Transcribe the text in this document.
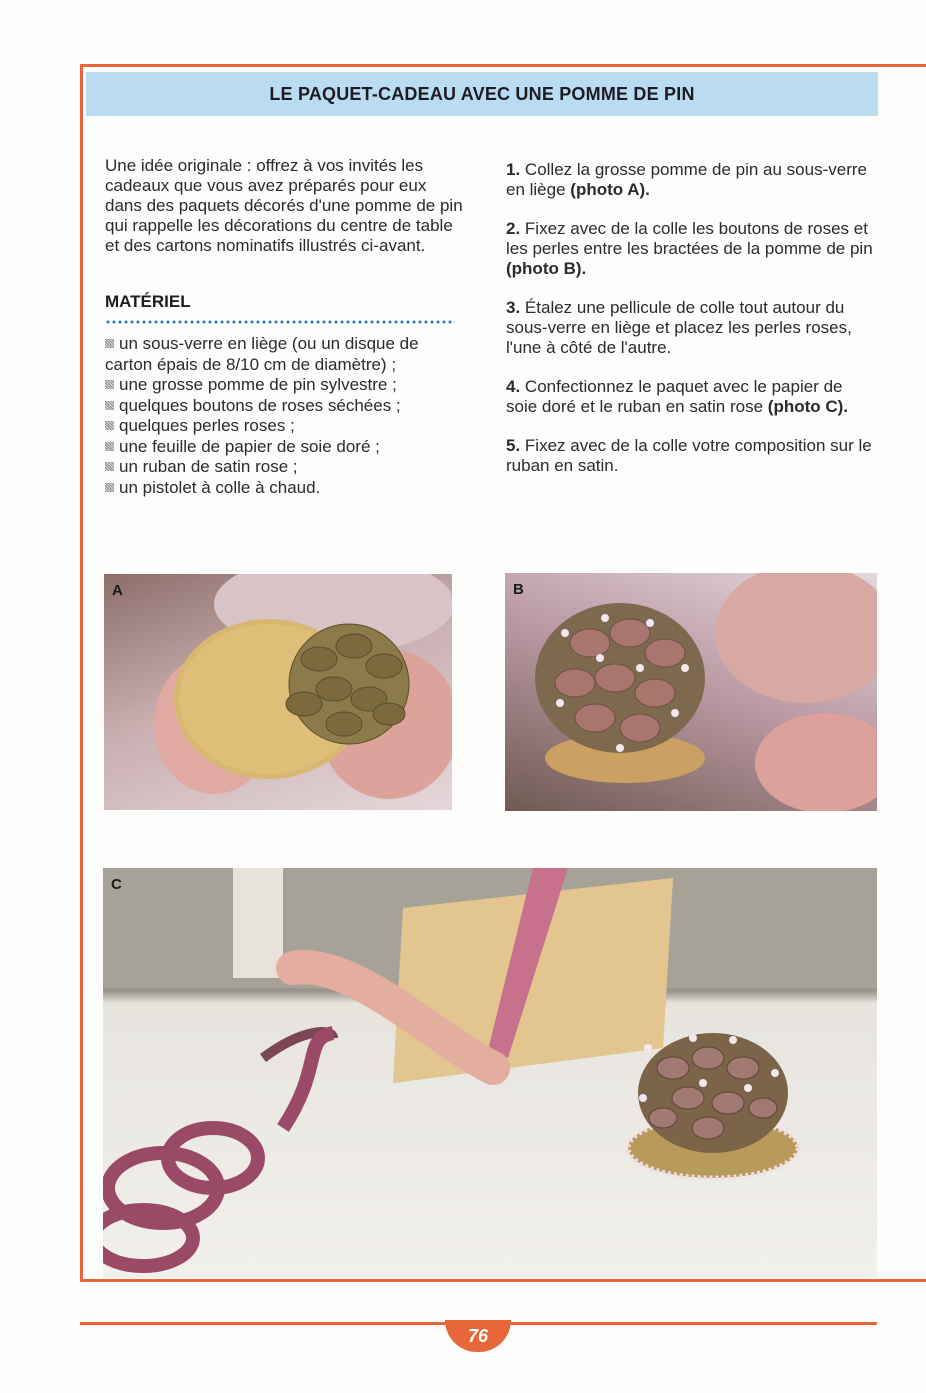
LE PAQUET-CADEAU AVEC UNE POMME DE PIN

Une idée originale : offrez à vos invités les cadeaux que vous avez préparés pour eux dans des paquets décorés d'une pomme de pin qui rappelle les décorations du centre de table et des cartons nominatifs illustrés ci-avant.

MATÉRIEL
un sous-verre en liège (ou un disque de carton épais de 8/10 cm de diamètre) ;
une grosse pomme de pin sylvestre ;
quelques boutons de roses séchées ;
quelques perles roses ;
une feuille de papier de soie doré ;
un ruban de satin rose ;
un pistolet à colle à chaud.

1. Collez la grosse pomme de pin au sous-verre en liège (photo A).

2. Fixez avec de la colle les boutons de roses et les perles entre les bractées de la pomme de pin (photo B).

3. Étalez une pellicule de colle tout autour du sous-verre en liège et placez les perles roses, l'une à côté de l'autre.

4. Confectionnez le paquet avec le papier de soie doré et le ruban en satin rose (photo C).

5. Fixez avec de la colle votre composition sur le ruban en satin.

A	B
C
76
